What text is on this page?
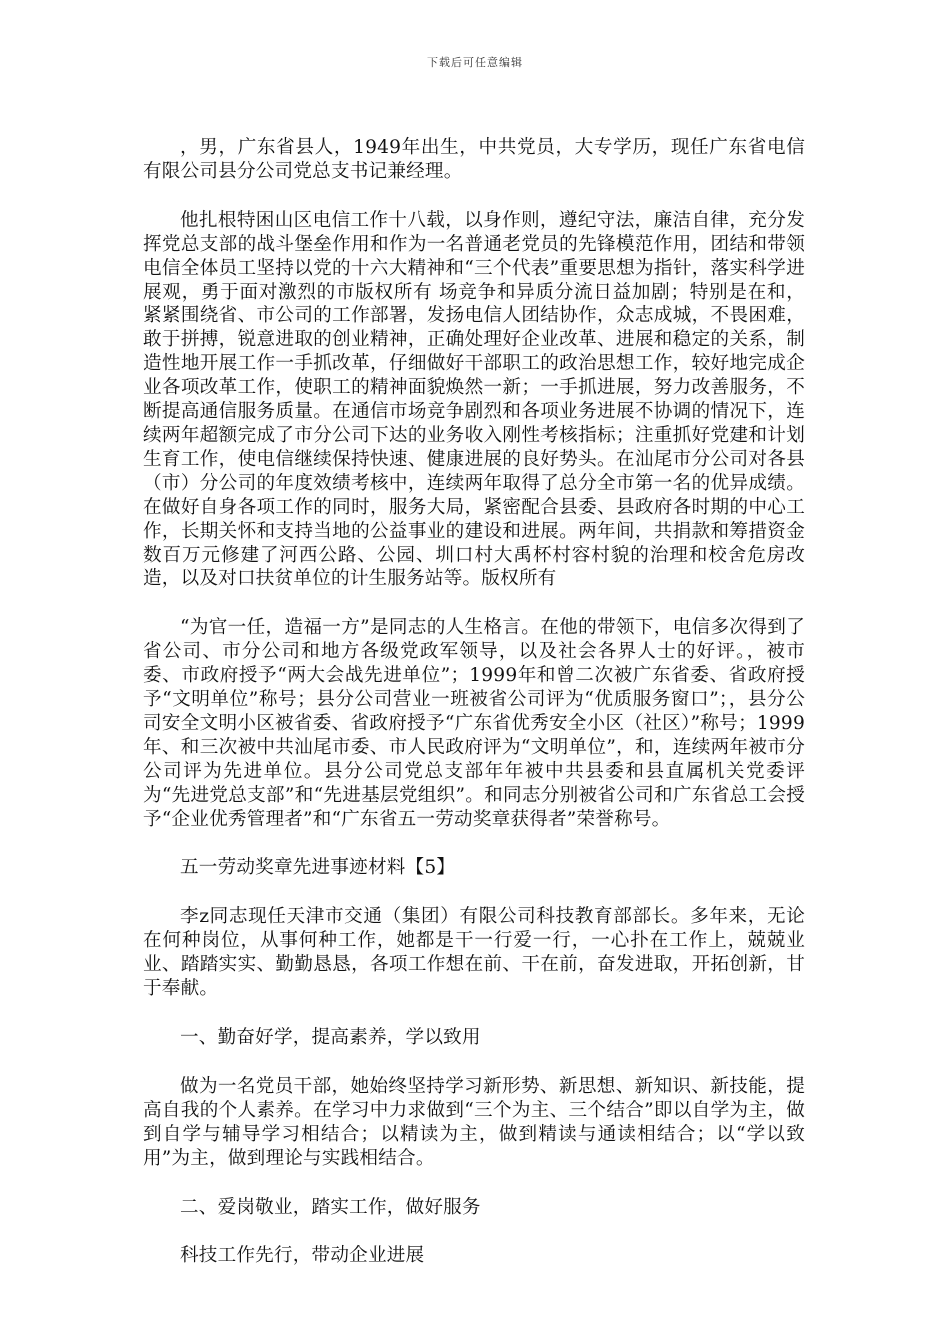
下载后可任意编辑

，男，广东省县人，1949年出生，中共党员，大专学历，现任广东省电信有限公司县分公司党总支书记兼经理。

他扎根特困山区电信工作十八载，以身作则，遵纪守法，廉洁自律，充分发挥党总支部的战斗堡垒作用和作为一名普通老党员的先锋模范作用，团结和带领电信全体员工坚持以党的十六大精神和“三个代表”重要思想为指针，落实科学进展观，勇于面对激烈的市版权所有 场竞争和异质分流日益加剧；特别是在和，紧紧围绕省、市公司的工作部署，发扬电信人团结协作，众志成城，不畏困难，敢于拼搏，锐意进取的创业精神，正确处理好企业改革、进展和稳定的关系，制造性地开展工作一手抓改革，仔细做好干部职工的政治思想工作，较好地完成企业各项改革工作，使职工的精神面貌焕然一新；一手抓进展，努力改善服务，不断提高通信服务质量。在通信市场竞争剧烈和各项业务进展不协调的情况下，连续两年超额完成了市分公司下达的业务收入刚性考核指标；注重抓好党建和计划生育工作，使电信继续保持快速、健康进展的良好势头。在汕尾市分公司对各县（市）分公司的年度效绩考核中，连续两年取得了总分全市第一名的优异成绩。在做好自身各项工作的同时，服务大局，紧密配合县委、县政府各时期的中心工作，长期关怀和支持当地的公益事业的建设和进展。两年间，共捐款和筹措资金数百万元修建了河西公路、公园、圳口村大禹杯村容村貌的治理和校舍危房改造，以及对口扶贫单位的计生服务站等。版权所有

“为官一任，造福一方”是同志的人生格言。在他的带领下，电信多次得到了省公司、市分公司和地方各级党政军领导，以及社会各界人士的好评。，被市委、市政府授予“两大会战先进单位”；1999年和曾二次被广东省委、省政府授予“文明单位”称号；县分公司营业一班被省公司评为“优质服务窗口”；，县分公司安全文明小区被省委、省政府授予“广东省优秀安全小区（社区）”称号；1999年、和三次被中共汕尾市委、市人民政府评为“文明单位”，和，连续两年被市分公司评为先进单位。县分公司党总支部年年被中共县委和县直属机关党委评为“先进党总支部”和“先进基层党组织”。和同志分别被省公司和广东省总工会授予“企业优秀管理者”和“广东省五一劳动奖章获得者”荣誉称号。

五一劳动奖章先进事迹材料【5】

李z同志现任天津市交通（集团）有限公司科技教育部部长。多年来，无论在何种岗位，从事何种工作，她都是干一行爱一行，一心扑在工作上，兢兢业业、踏踏实实、勤勤恳恳，各项工作想在前、干在前，奋发进取，开拓创新，甘于奉献。

一、勤奋好学，提高素养，学以致用

做为一名党员干部，她始终坚持学习新形势、新思想、新知识、新技能，提高自我的个人素养。在学习中力求做到“三个为主、三个结合”即以自学为主，做到自学与辅导学习相结合；以精读为主，做到精读与通读相结合；以“学以致用”为主，做到理论与实践相结合。

二、爱岗敬业，踏实工作，做好服务

科技工作先行，带动企业进展
